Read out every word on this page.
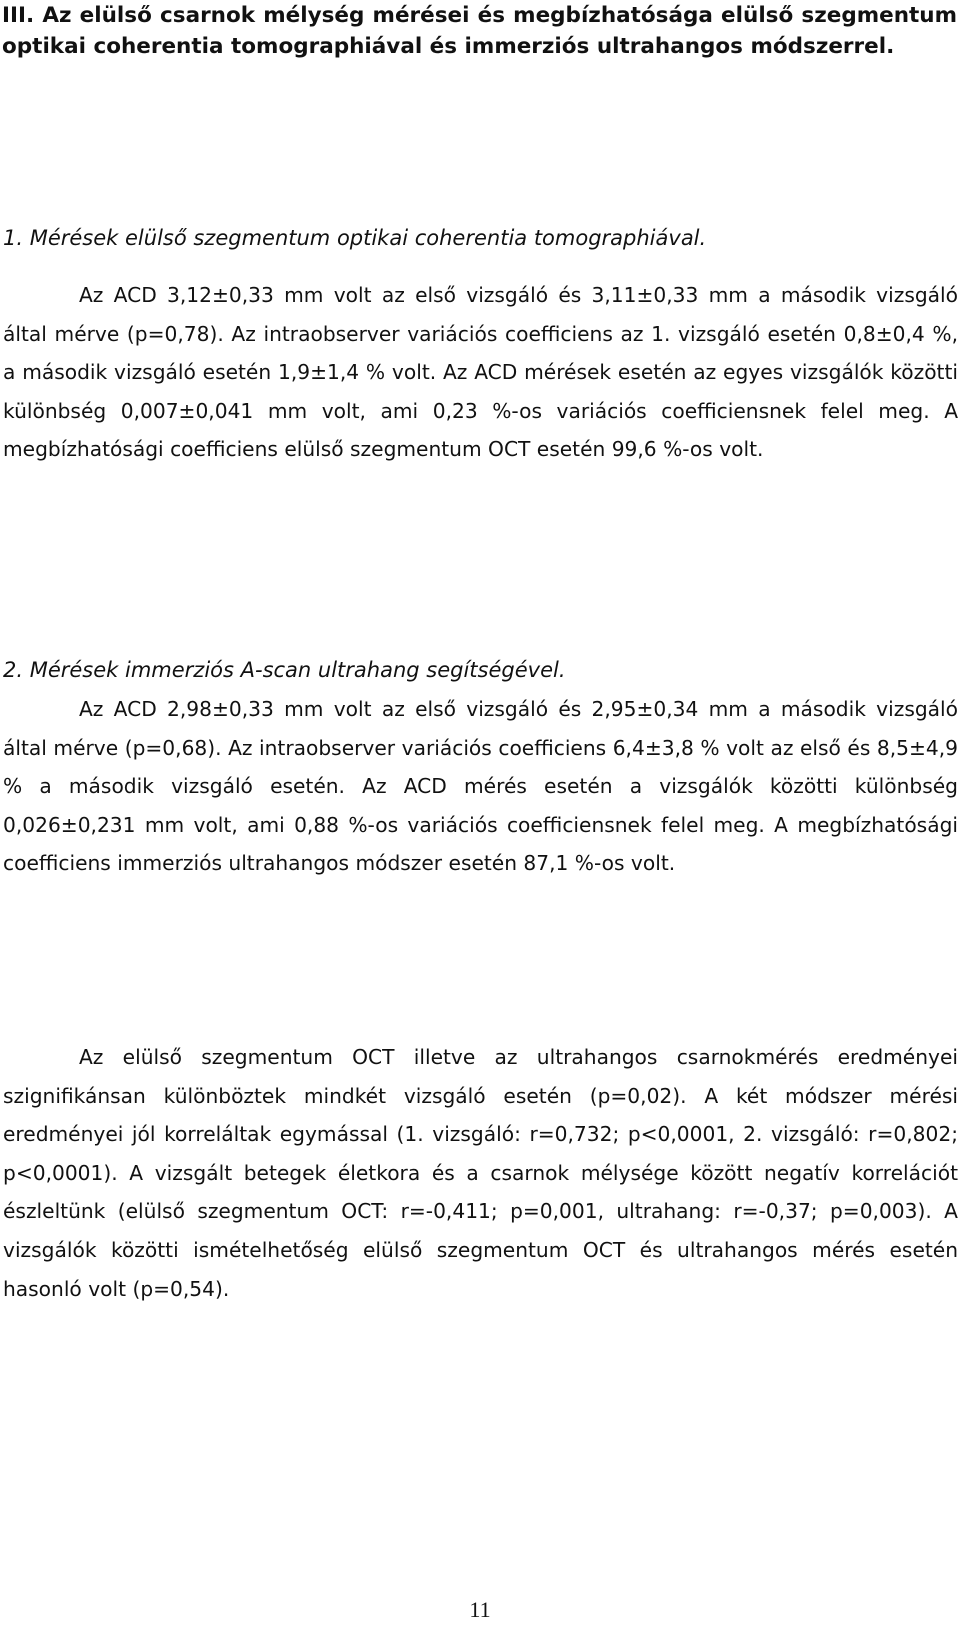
III. Az elülső csarnok mélység mérései és megbízhatósága elülső szegmentum optikai coherentia tomographiával és immerziós ultrahangos módszerrel.
1. Mérések elülső szegmentum optikai coherentia tomographiával.

Az ACD 3,12±0,33 mm volt az első vizsgáló és 3,11±0,33 mm a második vizsgáló által mérve (p=0,78). Az intraobserver variációs coefficiens az 1. vizsgáló esetén 0,8±0,4 %, a második vizsgáló esetén 1,9±1,4 % volt. Az ACD mérések esetén az egyes vizsgálók közötti különbség 0,007±0,041 mm volt, ami 0,23 %-os variációs coefficiensnek felel meg. A megbízhatósági coefficiens elülső szegmentum OCT esetén 99,6 %-os volt.

2. Mérések immerziós A-scan ultrahang segítségével.

Az ACD 2,98±0,33 mm volt az első vizsgáló és 2,95±0,34 mm a második vizsgáló által mérve (p=0,68). Az intraobserver variációs coefficiens 6,4±3,8 % volt az első és 8,5±4,9 % a második vizsgáló esetén. Az ACD mérés esetén a vizsgálók közötti különbség 0,026±0,231 mm volt, ami 0,88 %-os variációs coefficiensnek felel meg. A megbízhatósági coefficiens immerziós ultrahangos módszer esetén 87,1 %-os volt.

Az elülső szegmentum OCT illetve az ultrahangos csarnokmérés eredményei szignifikánsan különböztek mindkét vizsgáló esetén (p=0,02). A két módszer mérési eredményei jól korreláltak egymással (1. vizsgáló: r=0,732; p<0,0001, 2. vizsgáló: r=0,802; p<0,0001). A vizsgált betegek életkora és a csarnok mélysége között negatív korrelációt észleltünk (elülső szegmentum OCT: r=-0,411; p=0,001, ultrahang: r=-0,37; p=0,003). A vizsgálók közötti ismételhetőség elülső szegmentum OCT és ultrahangos mérés esetén hasonló volt (p=0,54).

11
